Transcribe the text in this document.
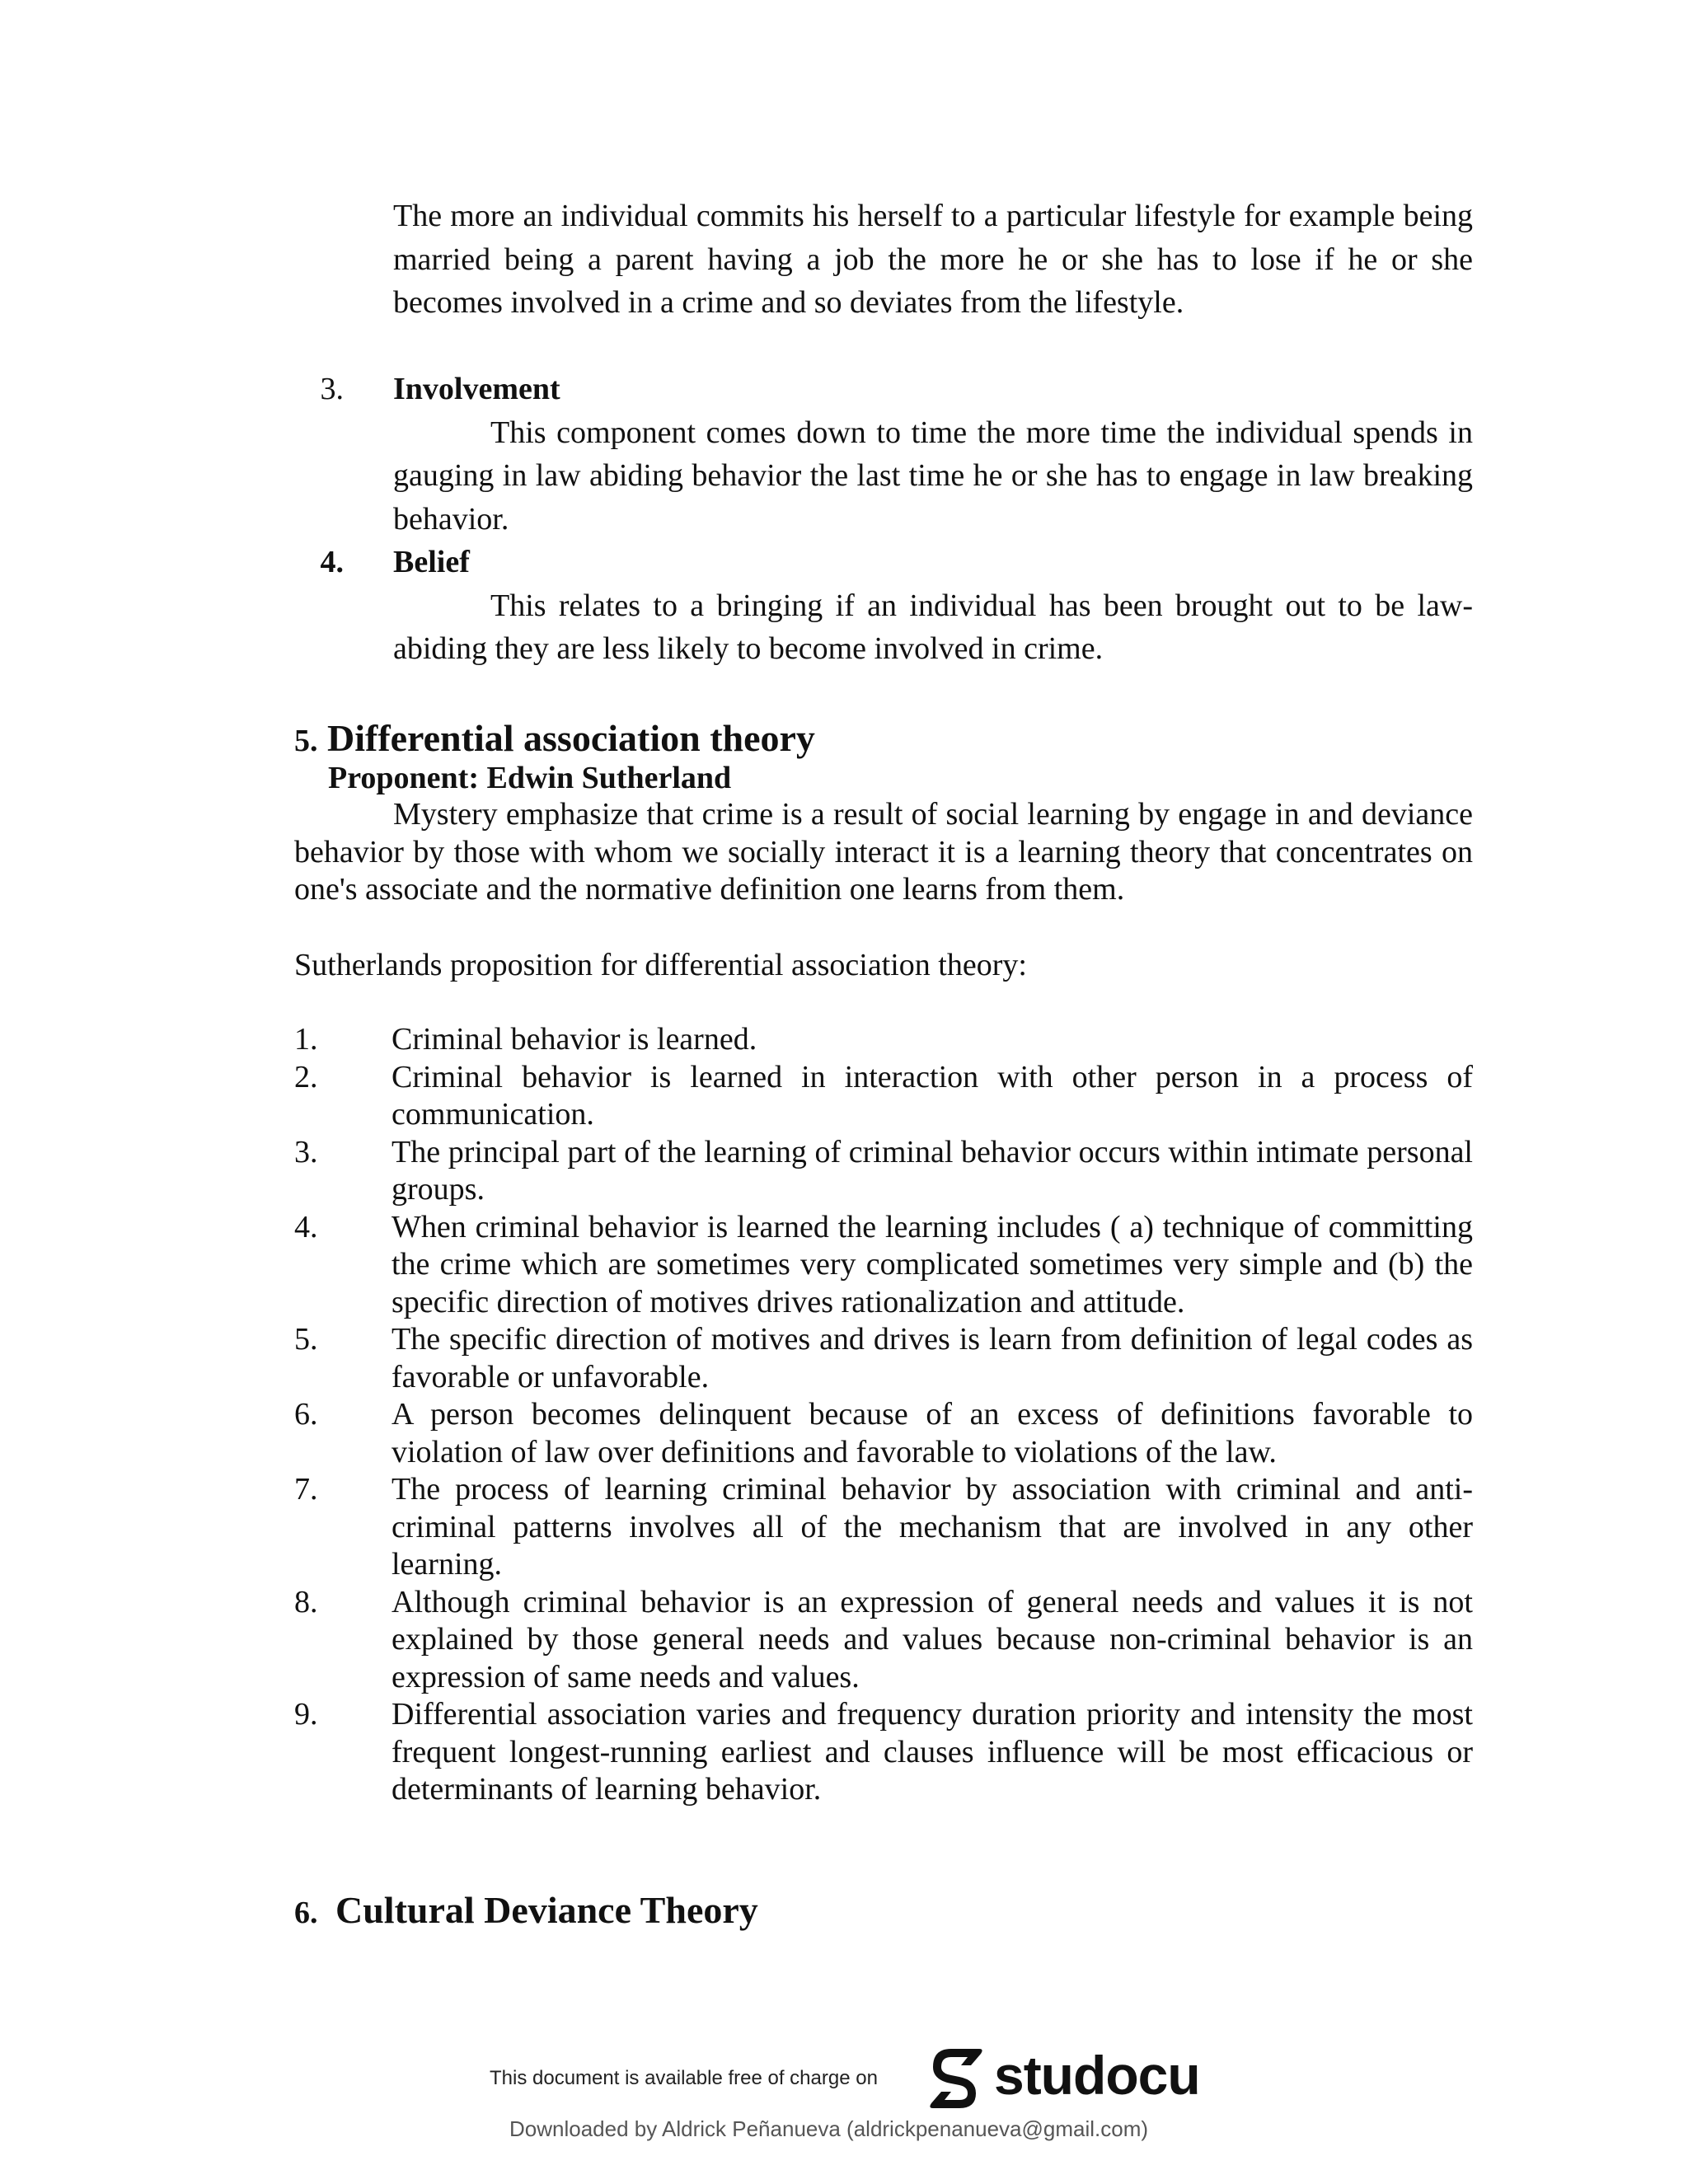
The more an individual commits his herself to a particular lifestyle for example being married being a parent having a job the more he or she has to lose if he or she becomes involved in a crime and so deviates from the lifestyle.
3. Involvement
This component comes down to time the more time the individual spends in gauging in law abiding behavior the last time he or she has to engage in law breaking behavior.
4. Belief
This relates to a bringing if an individual has been brought out to be law-abiding they are less likely to become involved in crime.
5. Differential association theory
Proponent: Edwin Sutherland
Mystery emphasize that crime is a result of social learning by engage in and deviance behavior by those with whom we socially interact it is a learning theory that concentrates on one's associate and the normative definition one learns from them.
Sutherlands proposition for differential association theory:
1.	Criminal behavior is learned.
2.	Criminal behavior is learned in interaction with other person in a process of communication.
3.	The principal part of the learning of criminal behavior occurs within intimate personal groups.
4.	When criminal behavior is learned the learning includes ( a) technique of committing the crime which are sometimes very complicated sometimes very simple and (b) the specific direction of motives drives rationalization and attitude.
5.	The specific direction of motives and drives is learn from definition of legal codes as favorable or unfavorable.
6.	A person becomes delinquent because of an excess of definitions favorable to violation of law over definitions and favorable to violations of the law.
7.	The process of learning criminal behavior by association with criminal and anti-criminal patterns involves all of the mechanism that are involved in any other learning.
8.	Although criminal behavior is an expression of general needs and values it is not explained by those general needs and values because non-criminal behavior is an expression of same needs and values.
9.	Differential association varies and frequency duration priority and intensity the most frequent longest-running earliest and clauses influence will be most efficacious or determinants of learning behavior.
6. Cultural Deviance Theory
This document is available free of charge on studocu
Downloaded by Aldrick Peñanueva (aldrickpenanueva@gmail.com)
